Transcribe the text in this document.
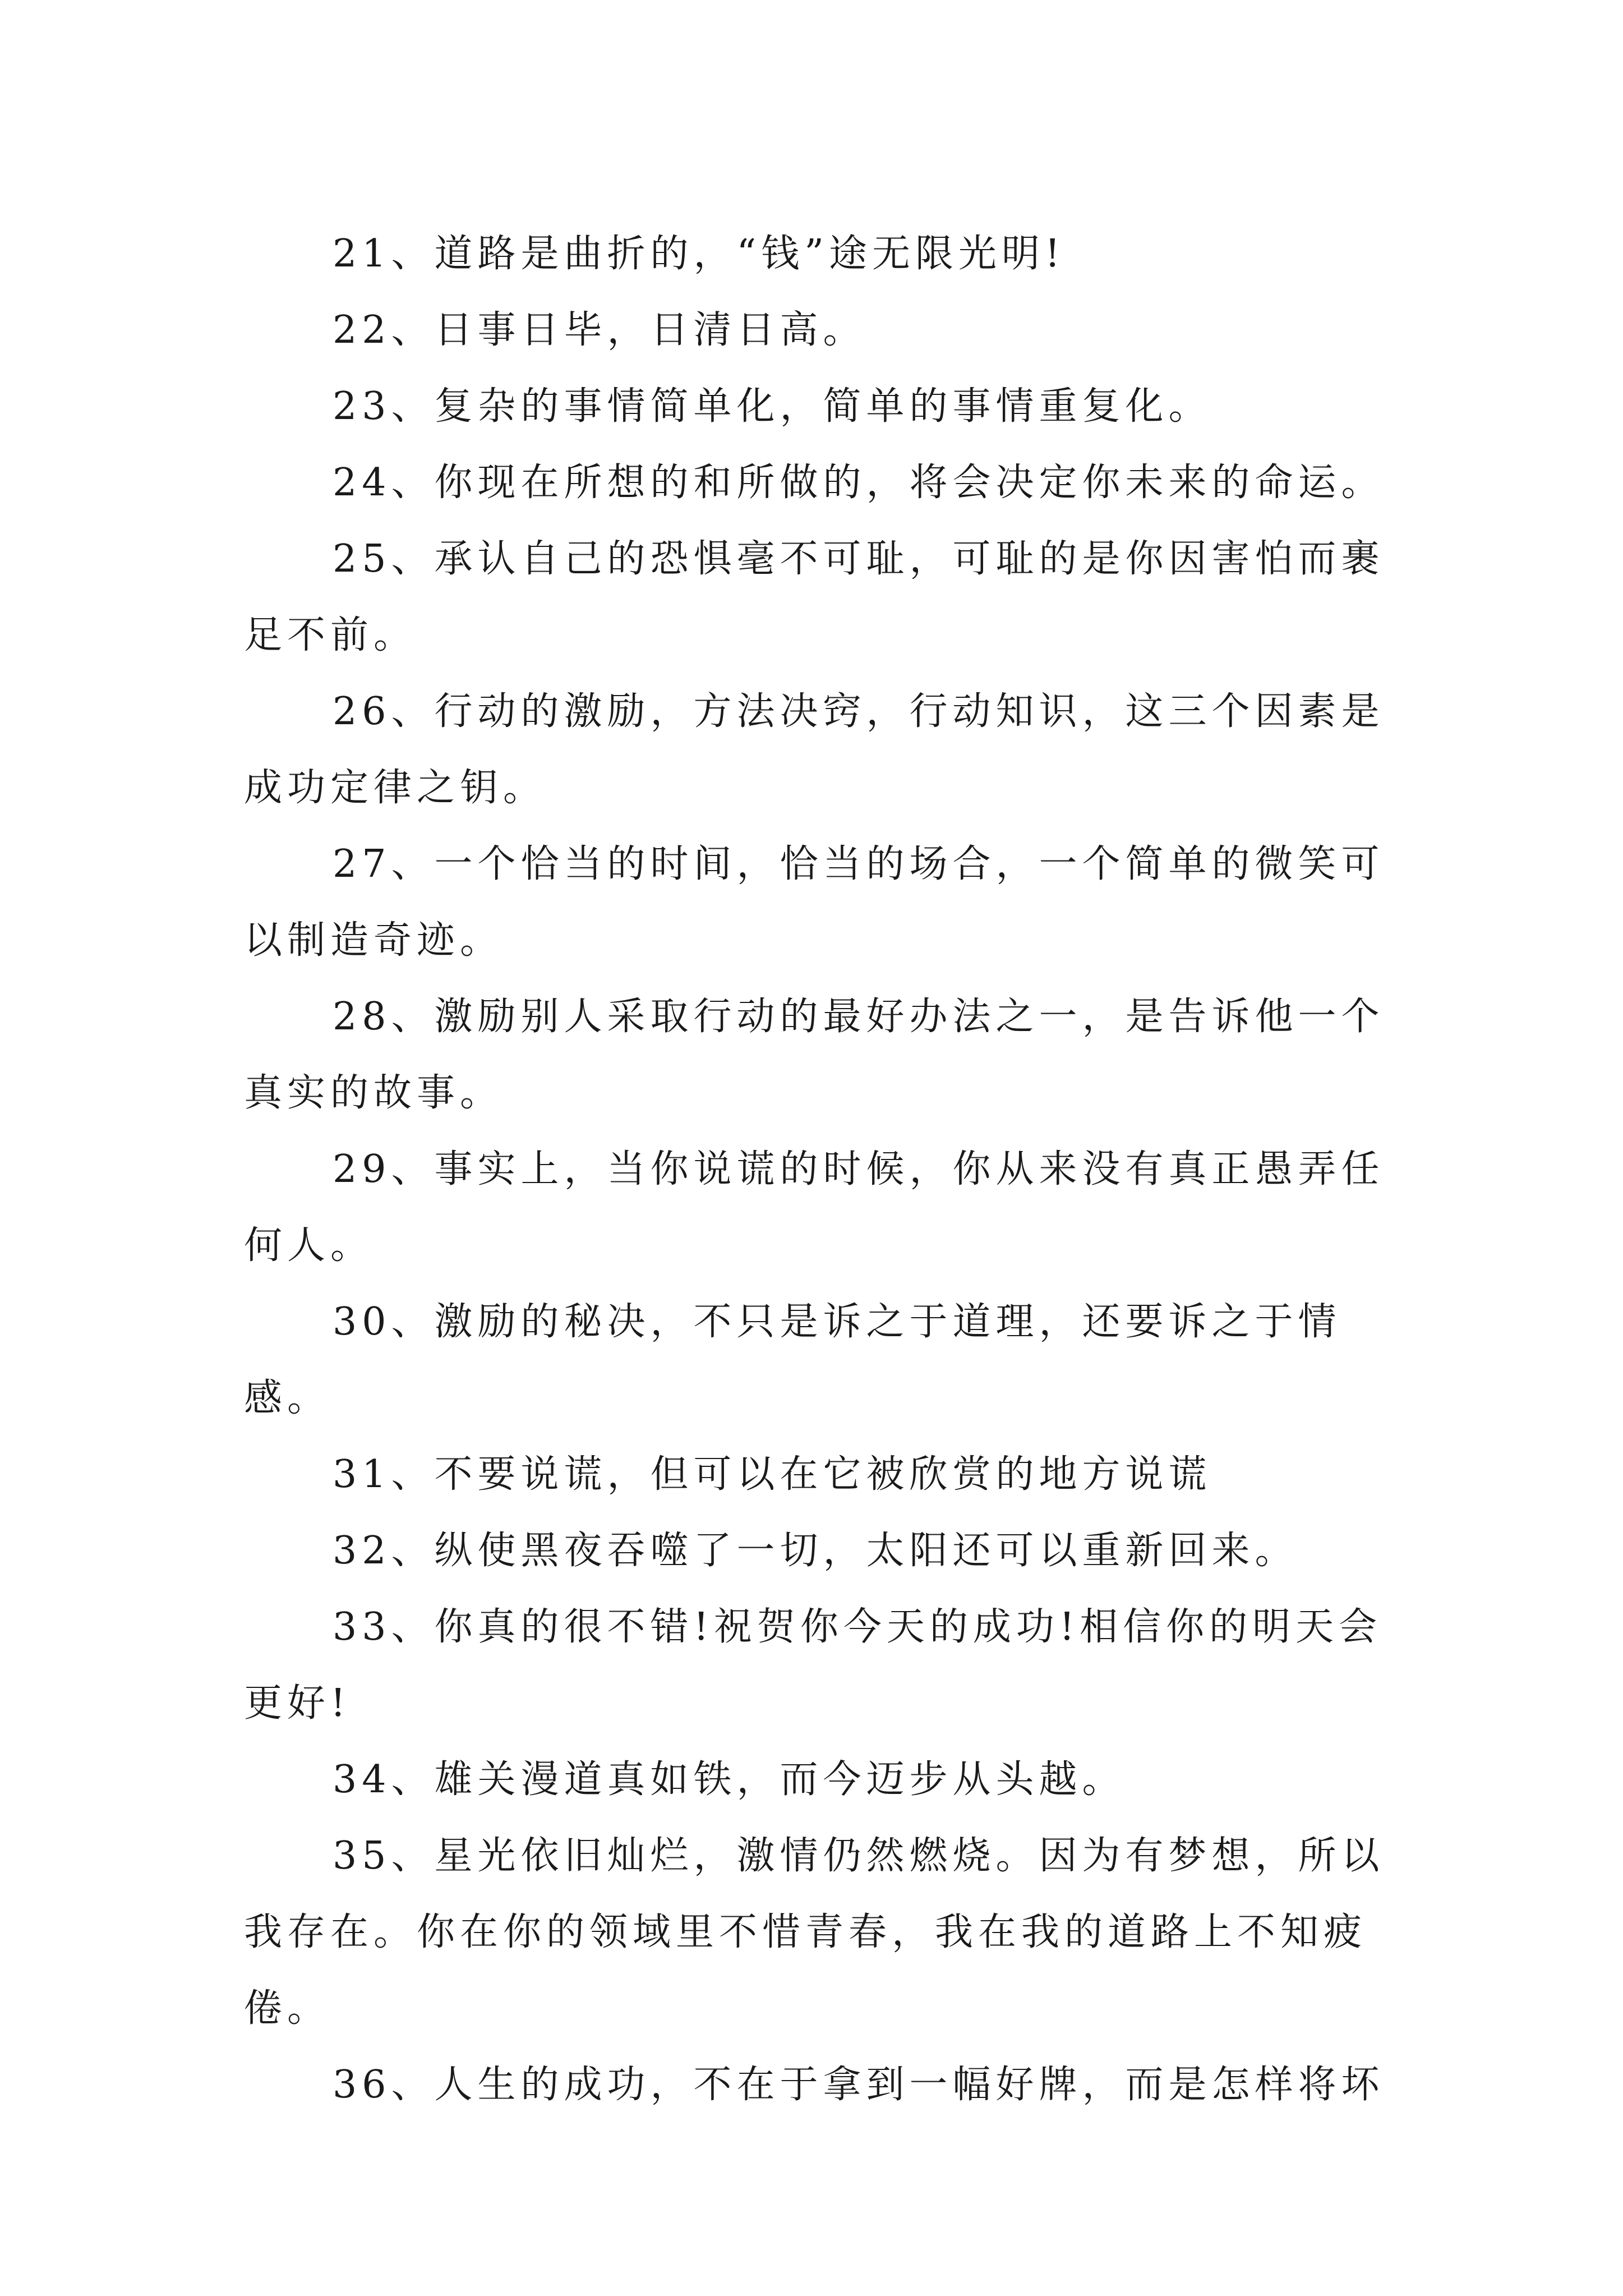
21、道路是曲折的，“钱”途无限光明!

22、日事日毕，日清日高。

23、复杂的事情简单化，简单的事情重复化。

24、你现在所想的和所做的，将会决定你未来的命运。

25、承认自己的恐惧毫不可耻，可耻的是你因害怕而裹足不前。

26、行动的激励，方法决窍，行动知识，这三个因素是成功定律之钥。

27、一个恰当的时间，恰当的场合，一个简单的微笑可以制造奇迹。

28、激励别人采取行动的最好办法之一，是告诉他一个真实的故事。

29、事实上，当你说谎的时候，你从来没有真正愚弄任何人。

30、激励的秘决，不只是诉之于道理，还要诉之于情感。

31、不要说谎，但可以在它被欣赏的地方说谎

32、纵使黑夜吞噬了一切，太阳还可以重新回来。

33、你真的很不错!祝贺你今天的成功!相信你的明天会更好!

34、雄关漫道真如铁，而今迈步从头越。

35、星光依旧灿烂，激情仍然燃烧。因为有梦想，所以我存在。你在你的领域里不惜青春，我在我的道路上不知疲倦。

36、人生的成功，不在于拿到一幅好牌，而是怎样将坏
